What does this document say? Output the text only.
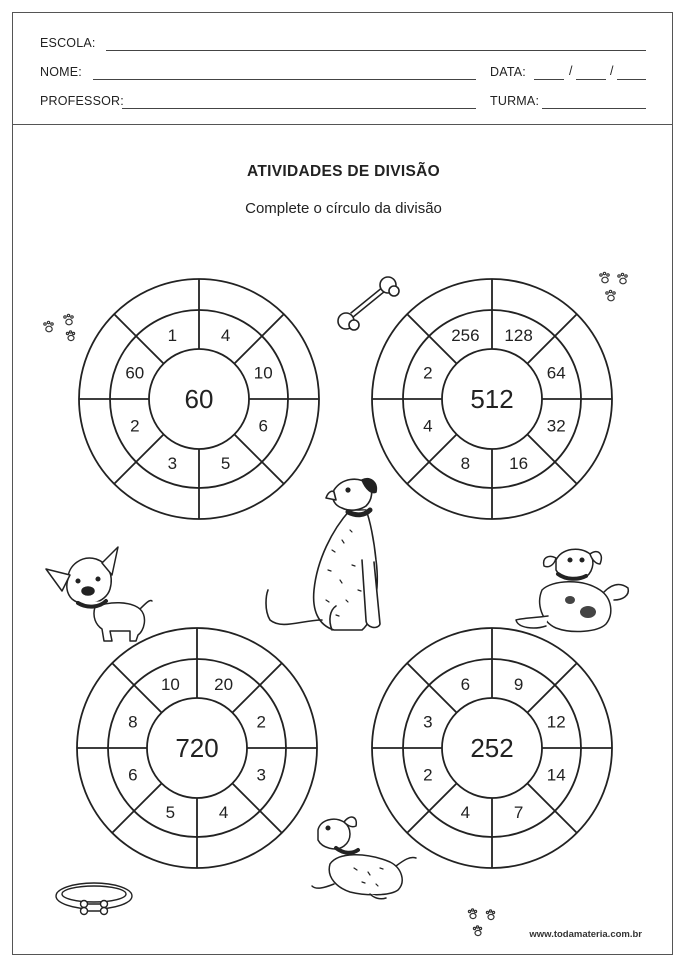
ESCOLA:
NOME:	DATA:	/	/
PROFESSOR:	TURMA:
ATIVIDADES DE DIVISÃO
Complete o círculo da divisão
www.todamateria.com.br
60
4
10
6
5
3
2
60
1
512
128
64
32
16
8
4
2
256
720
20
2
3
4
5
6
8
10
252
9
12
14
7
4
2
3
6
